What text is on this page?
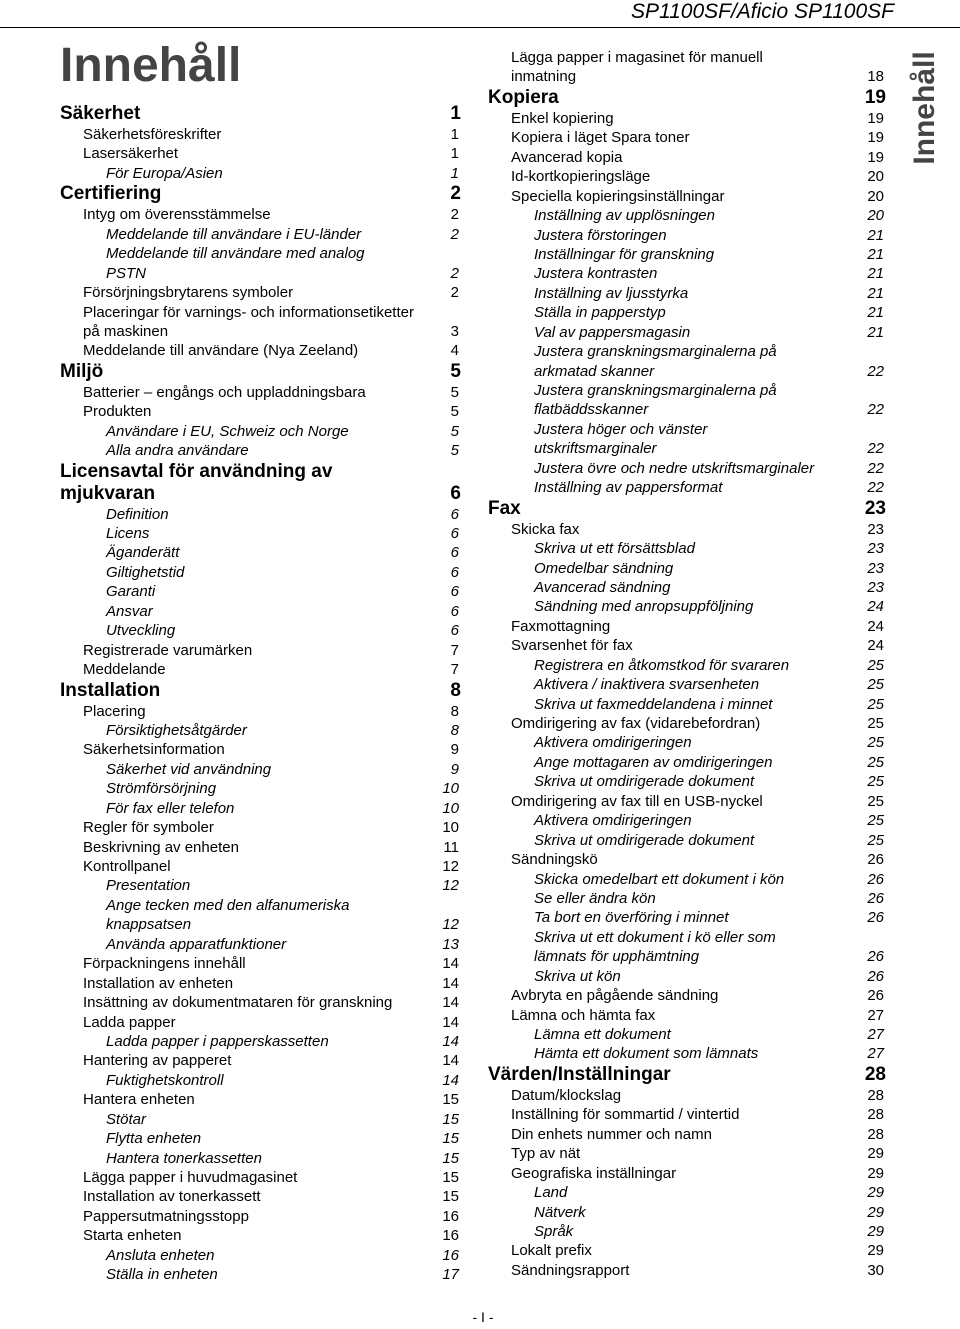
SP1100SF/Aficio SP1100SF
Innehåll	Innehåll
Säkerhet	1
Säkerhetsföreskrifter	1
Lasersäkerhet	1
För Europa/Asien	1
Certifiering	2
Intyg om överensstämmelse	2
Meddelande till användare i EU-länder	2
Meddelande till användare med analog
PSTN	2
Försörjningsbrytarens symboler	2
Placeringar för varnings- och informationsetiketter
på maskinen	3
Meddelande till användare (Nya Zeeland)	4
Miljö	5
Batterier – engångs och uppladdningsbara	5
Produkten	5
Användare i EU, Schweiz och Norge	5
Alla andra användare	5
Licensavtal för användning av
mjukvaran	6
Definition	6
Licens	6
Äganderätt	6
Giltighetstid	6
Garanti	6
Ansvar	6
Utveckling	6
Registrerade varumärken	7
Meddelande	7
Installation	8
Placering	8
Försiktighetsåtgärder	8
Säkerhetsinformation	9
Säkerhet vid användning	9
Strömförsörjning	10
För fax eller telefon	10
Regler för symboler	10
Beskrivning av enheten	11
Kontrollpanel	12
Presentation	12
Ange tecken med den alfanumeriska
knappsatsen	12
Använda apparatfunktioner	13
Förpackningens innehåll	14
Installation av enheten	14
Insättning av dokumentmataren för granskning	14
Ladda papper	14
Ladda papper i papperskassetten	14
Hantering av papperet	14
Fuktighetskontroll	14
Hantera enheten	15
Stötar	15
Flytta enheten	15
Hantera tonerkassetten	15
Lägga papper i huvudmagasinet	15
Installation av tonerkassett	15
Pappersutmatningsstopp	16
Starta enheten	16
Ansluta enheten	16
Ställa in enheten	17
Lägga papper i magasinet för manuell
inmatning	18
Kopiera	19
Enkel kopiering	19
Kopiera i läget Spara toner	19
Avancerad kopia	19
Id-kortkopieringsläge	20
Speciella kopieringsinställningar	20
Inställning av upplösningen	20
Justera förstoringen	21
Inställningar för granskning	21
Justera kontrasten	21
Inställning av ljusstyrka	21
Ställa in papperstyp	21
Val av pappersmagasin	21
Justera granskningsmarginalerna på
arkmatad skanner	22
Justera granskningsmarginalerna på
flatbäddsskanner	22
Justera höger och vänster
utskriftsmarginaler	22
Justera övre och nedre utskriftsmarginaler	22
Inställning av pappersformat	22
Fax	23
Skicka fax	23
Skriva ut ett försättsblad	23
Omedelbar sändning	23
Avancerad sändning	23
Sändning med anropsuppföljning	24
Faxmottagning	24
Svarsenhet för fax	24
Registrera en åtkomstkod för svararen	25
Aktivera / inaktivera svarsenheten	25
Skriva ut faxmeddelandena i minnet	25
Omdirigering av fax (vidarebefordran)	25
Aktivera omdirigeringen	25
Ange mottagaren av omdirigeringen	25
Skriva ut omdirigerade dokument	25
Omdirigering av fax till en USB-nyckel	25
Aktivera omdirigeringen	25
Skriva ut omdirigerade dokument	25
Sändningskö	26
Skicka omedelbart ett dokument i kön	26
Se eller ändra kön	26
Ta bort en överföring i minnet	26
Skriva ut ett dokument i kö eller som
lämnats för upphämtning	26
Skriva ut kön	26
Avbryta en pågående sändning	26
Lämna och hämta fax	27
Lämna ett dokument	27
Hämta ett dokument som lämnats	27
Värden/Inställningar	28
Datum/klockslag	28
Inställning för sommartid / vintertid	28
Din enhets nummer och namn	28
Typ av nät	29
Geografiska inställningar	29
Land	29
Nätverk	29
Språk	29
Lokalt prefix	29
Sändningsrapport	30
- I -
